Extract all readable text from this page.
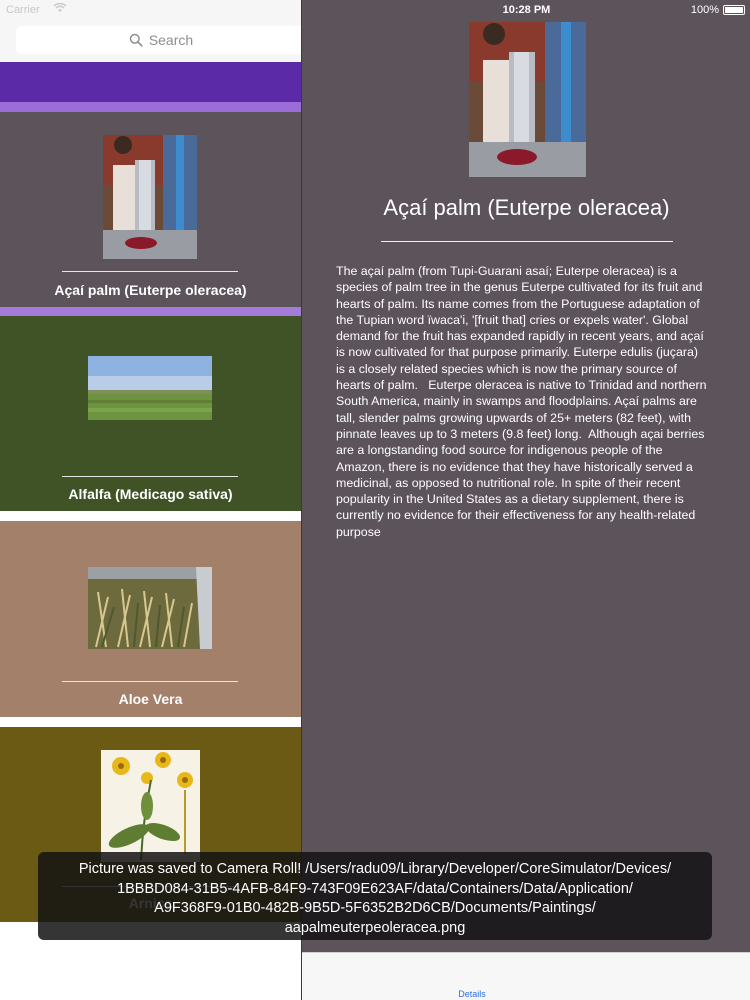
Carrier
Search
Açaí palm (Euterpe oleracea)
Alfalfa (Medicago sativa)
Aloe Vera
10:28 PM	100%
Açaí palm (Euterpe oleracea)
The açaí palm (from Tupi-Guarani asaí; Euterpe oleracea) is a species of palm tree in the genus Euterpe cultivated for its fruit and hearts of palm. Its name comes from the Portuguese adaptation of the Tupian word ïwaca'i, '[fruit that] cries or expels water'. Global demand for the fruit has expanded rapidly in recent years, and açaí is now cultivated for that purpose primarily. Euterpe edulis (juçara) is a closely related species which is now the primary source of hearts of palm.   Euterpe oleracea is native to Trinidad and northern South America, mainly in swamps and floodplains. Açaí palms are tall, slender palms growing upwards of 25+ meters (82 feet), with pinnate leaves up to 3 meters (9.8 feet) long.  Although açai berries are a longstanding food source for indigenous people of the Amazon, there is no evidence that they have historically served a medicinal, as opposed to nutritional role. In spite of their recent popularity in the United States as a dietary supplement, there is currently no evidence for their effectiveness for any health-related purpose
Details
Picture was saved to Camera Roll! /Users/radu09/Library/Developer/CoreSimulator/Devices/
1BBBD084-31B5-4AFB-84F9-743F09E623AF/data/Containers/Data/Application/
A9F368F9-01B0-482B-9B5D-5F6352B2D6CB/Documents/Paintings/
aapalmeuterpeoleracea.png
